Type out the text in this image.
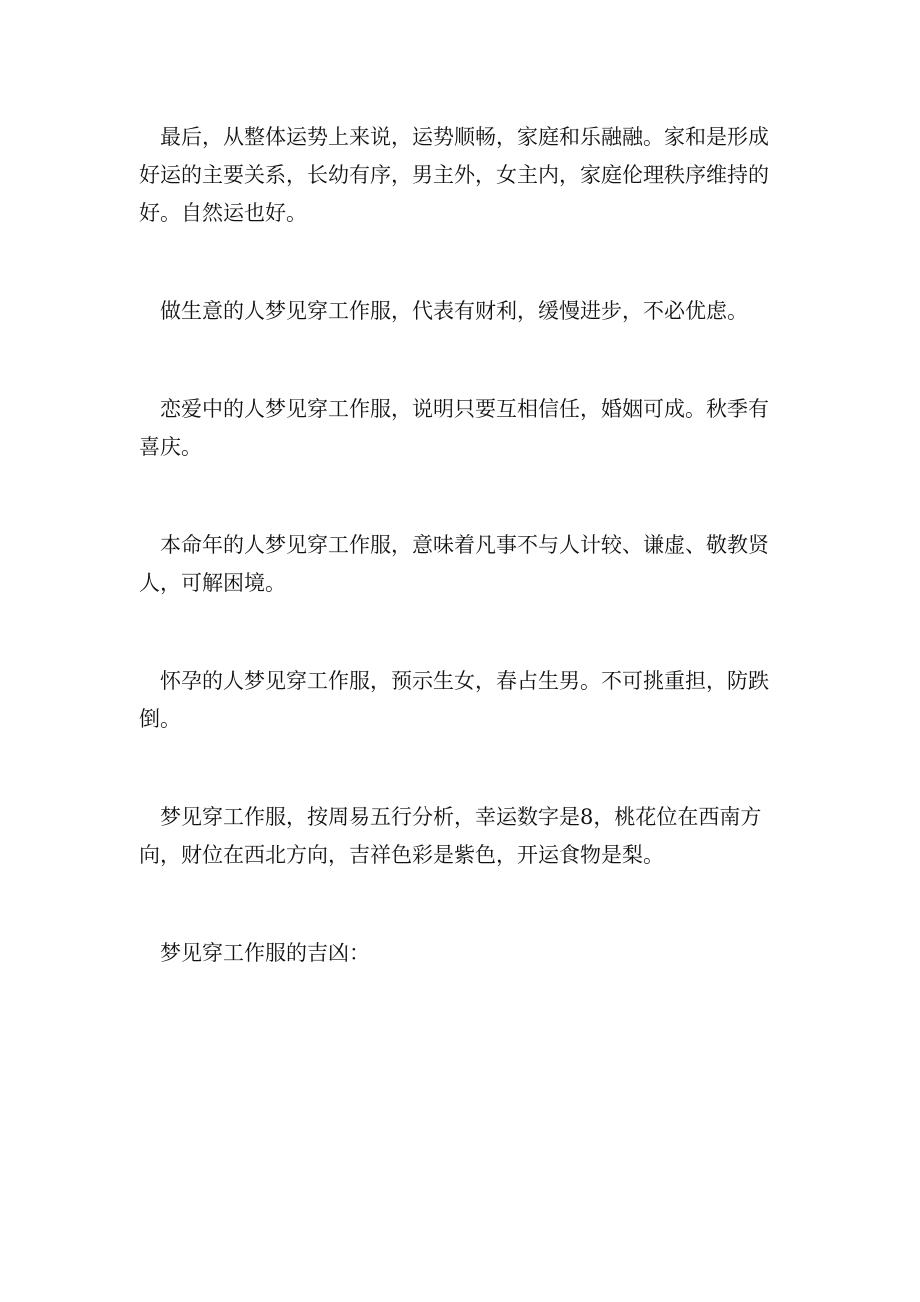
最后，从整体运势上来说，运势顺畅，家庭和乐融融。家和是形成好运的主要关系，长幼有序，男主外，女主内，家庭伦理秩序维持的好。自然运也好。

做生意的人梦见穿工作服，代表有财利，缓慢进步，不必优虑。

恋爱中的人梦见穿工作服，说明只要互相信任，婚姻可成。秋季有喜庆。

本命年的人梦见穿工作服，意味着凡事不与人计较、谦虚、敬教贤人，可解困境。

怀孕的人梦见穿工作服，预示生女，春占生男。不可挑重担，防跌倒。

梦见穿工作服，按周易五行分析，幸运数字是8，桃花位在西南方向，财位在西北方向，吉祥色彩是紫色，开运食物是梨。

梦见穿工作服的吉凶：
